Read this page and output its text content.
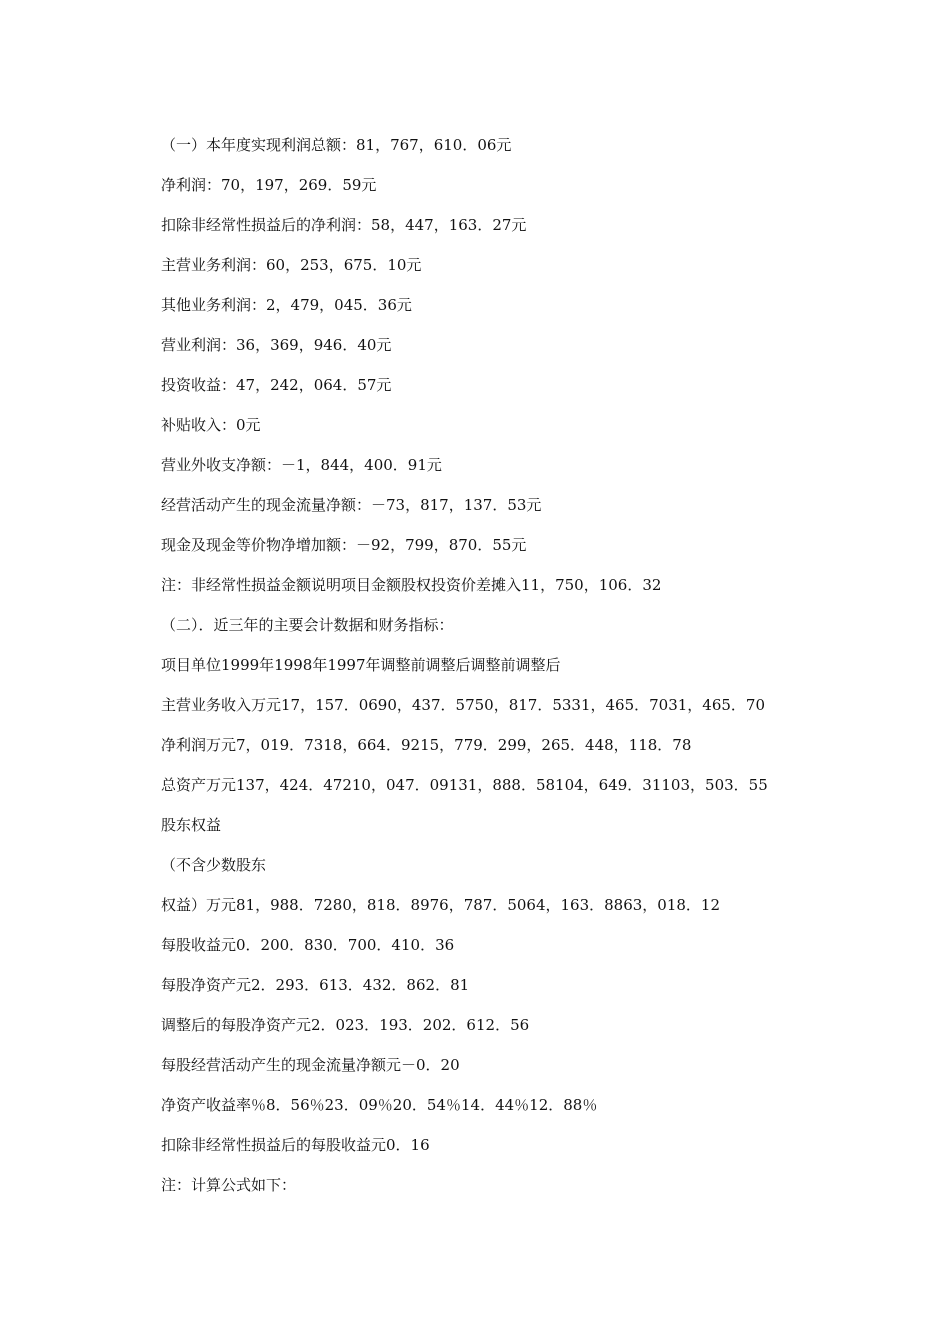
（一）本年度实现利润总额：81，767，610．06元
净利润：70，197，269．59元
扣除非经常性损益后的净利润：58，447，163．27元
主营业务利润：60，253，675．10元
其他业务利润：2，479，045．36元
营业利润：36，369，946．40元
投资收益：47，242，064．57元
补贴收入：0元
营业外收支净额：－1，844，400．91元
经营活动产生的现金流量净额：－73，817，137．53元
现金及现金等价物净增加额：－92，799，870．55元
注：非经常性损益金额说明项目金额股权投资价差摊入11，750，106．32
（二）．近三年的主要会计数据和财务指标：
项目单位1999年1998年1997年调整前调整后调整前调整后
主营业务收入万元17，157．0690，437．5750，817．5331，465．7031，465．70
净利润万元7，019．7318，664．9215，779．299，265．448，118．78
总资产万元137，424．47210，047．09131，888．58104，649．31103，503．55
股东权益
（不含少数股东
权益）万元81，988．7280，818．8976，787．5064，163．8863，018．12
每股收益元0．200．830．700．410．36
每股净资产元2．293．613．432．862．81
调整后的每股净资产元2．023．193．202．612．56
每股经营活动产生的现金流量净额元－0．20
净资产收益率％8．56％23．09％20．54％14．44％12．88％
扣除非经常性损益后的每股收益元0．16
注：计算公式如下：
